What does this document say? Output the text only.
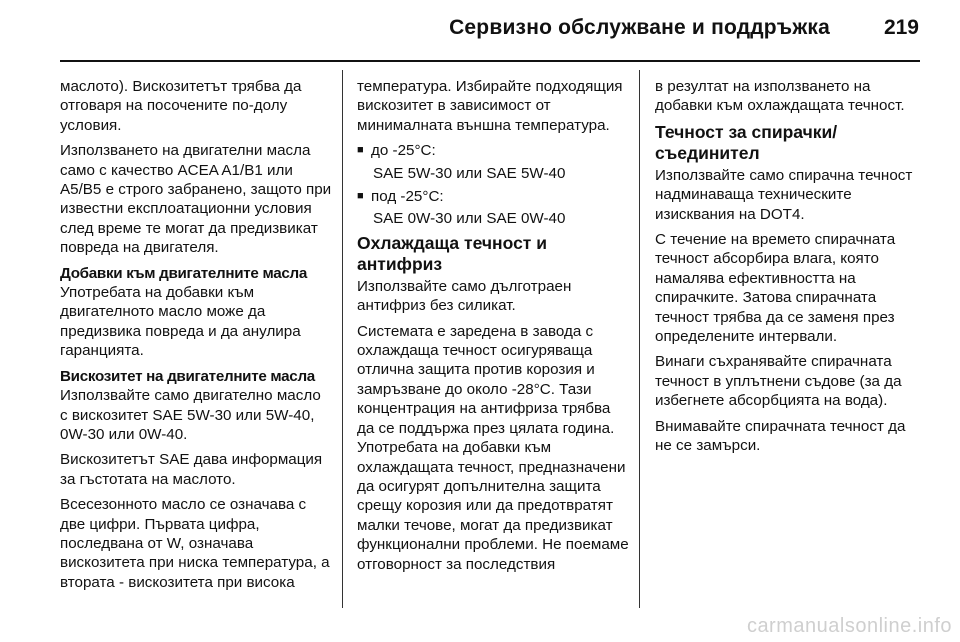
Сервизно обслужване и поддръжка	219

маслото). Вискозитетът трябва да отговаря на посочените по-долу условия.

Използването на двигателни масла само с качество ACEA A1/B1 или A5/B5 е строго забранено, защото при известни експлоатационни условия след време те могат да предизвикат повреда на двигателя.

Добавки към двигателните масла

Употребата на добавки към двигателното масло може да предизвика повреда и да анулира гаранцията.

Вискозитет на двигателните масла

Използвайте само двигателно масло с вискозитет SAE 5W-30 или 5W-40, 0W-30 или 0W-40.

Вискозитетът SAE дава информация за гъстотата на маслото.

Всесезонното масло се означава с две цифри. Първата цифра, последвана от W, означава вискозитета при ниска температура, а втората - вискозитета при висока

температура. Избирайте подходящия вискозитет в зависимост от минималната външна температура.

■ до -25°C:
SAE 5W-30 или SAE 5W-40
■ под -25°C:
SAE 0W-30 или SAE 0W-40
Охлаждаща течност и антифриз

Използвайте само дълготраен антифриз без силикат.

Системата е заредена в завода с охлаждаща течност осигуряваща отлична защита против корозия и замръзване до около -28°C. Тази концентрация на антифриза трябва да се поддържа през цялата година. Употребата на добавки към охлаждащата течност, предназначени да осигурят допълнителна защита срещу корозия или да предотвратят малки течове, могат да предизвикат функционални проблеми. Не поемаме отговорност за последствия

в резултат на използването на добавки към охлаждащата течност.

Течност за спирачки/ съединител

Използвайте само спирачна течност надминаваща техническите изисквания на DOT4.

С течение на времето спирачната течност абсорбира влага, която намалява ефективността на спирачките. Затова спирачната течност трябва да се заменя през определените интервали.

Винаги съхранявайте спирачната течност в уплътнени съдове (за да избегнете абсорбцията на вода).

Внимавайте спирачната течност да не се замърси.

carmanualsonline.info
